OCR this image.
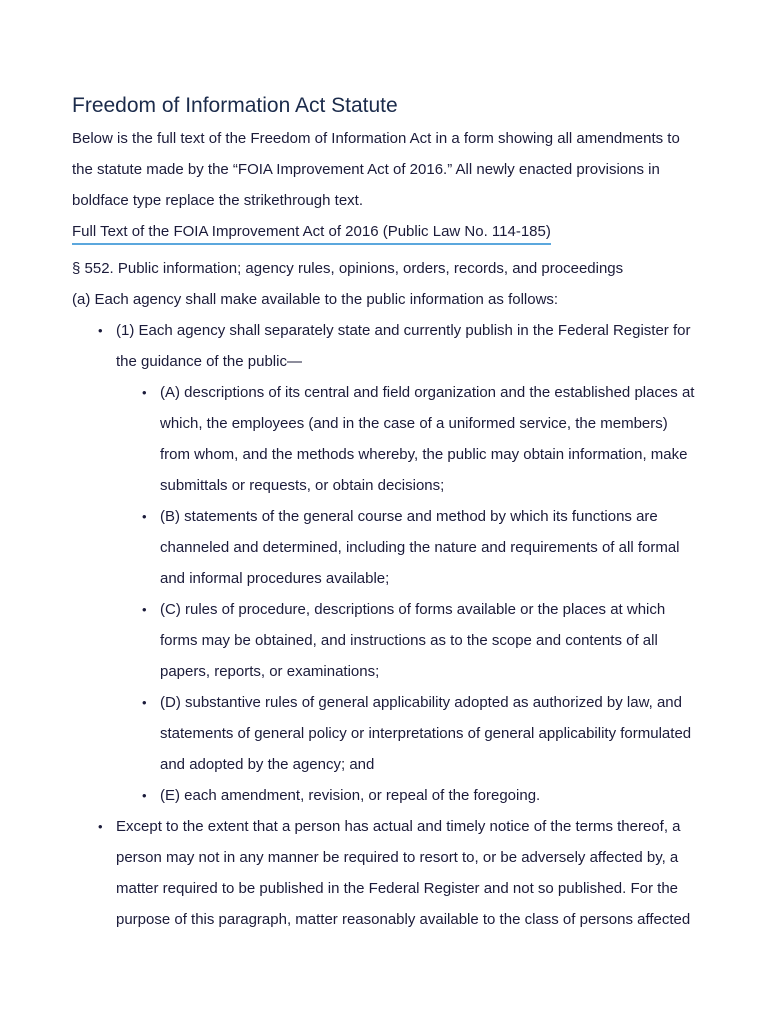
Freedom of Information Act Statute

Below is the full text of the Freedom of Information Act in a form showing all amendments to the statute made by the “FOIA Improvement Act of 2016.” All newly enacted provisions in boldface type replace the strikethrough text.

Full Text of the FOIA Improvement Act of 2016 (Public Law No. 114-185)

§ 552. Public information; agency rules, opinions, orders, records, and proceedings

(a) Each agency shall make available to the public information as follows:

• (1) Each agency shall separately state and currently publish in the Federal Register for the guidance of the public—
• (A) descriptions of its central and field organization and the established places at which, the employees (and in the case of a uniformed service, the members) from whom, and the methods whereby, the public may obtain information, make submittals or requests, or obtain decisions;
• (B) statements of the general course and method by which its functions are channeled and determined, including the nature and requirements of all formal and informal procedures available;
• (C) rules of procedure, descriptions of forms available or the places at which forms may be obtained, and instructions as to the scope and contents of all papers, reports, or examinations;
• (D) substantive rules of general applicability adopted as authorized by law, and statements of general policy or interpretations of general applicability formulated and adopted by the agency; and
• (E) each amendment, revision, or repeal of the foregoing.
• Except to the extent that a person has actual and timely notice of the terms thereof, a person may not in any manner be required to resort to, or be adversely affected by, a matter required to be published in the Federal Register and not so published. For the purpose of this paragraph, matter reasonably available to the class of persons affected
